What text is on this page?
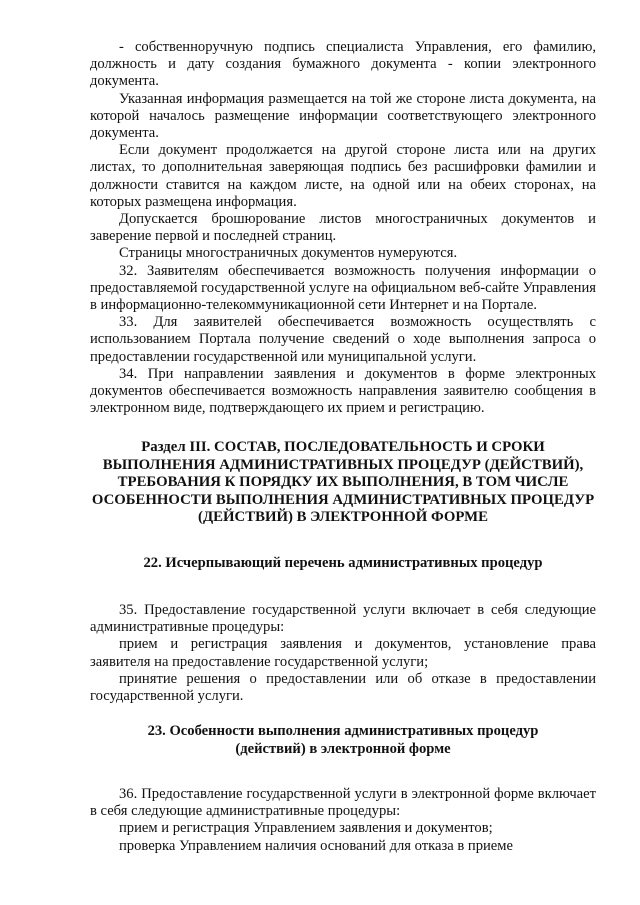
- собственноручную подпись специалиста Управления, его фамилию, должность и дату создания бумажного документа - копии электронного документа.

Указанная информация размещается на той же стороне листа документа, на которой началось размещение информации соответствующего электронного документа.

Если документ продолжается на другой стороне листа или на других листах, то дополнительная заверяющая подпись без расшифровки фамилии и должности ставится на каждом листе, на одной или на обеих сторонах, на которых размещена информация.

Допускается брошюрование листов многостраничных документов и заверение первой и последней страниц.

Страницы многостраничных документов нумеруются.

32. Заявителям обеспечивается возможность получения информации о предоставляемой государственной услуге на официальном веб-сайте Управления в информационно-телекоммуникационной сети Интернет и на Портале.

33. Для заявителей обеспечивается возможность осуществлять с использованием Портала получение сведений о ходе выполнения запроса о предоставлении государственной или муниципальной услуги.

34. При направлении заявления и документов в форме электронных документов обеспечивается возможность направления заявителю сообщения в электронном виде, подтверждающего их прием и регистрацию.

Раздел III. СОСТАВ, ПОСЛЕДОВАТЕЛЬНОСТЬ И СРОКИ ВЫПОЛНЕНИЯ АДМИНИСТРАТИВНЫХ ПРОЦЕДУР (ДЕЙСТВИЙ), ТРЕБОВАНИЯ К ПОРЯДКУ ИХ ВЫПОЛНЕНИЯ, В ТОМ ЧИСЛЕ ОСОБЕННОСТИ ВЫПОЛНЕНИЯ АДМИНИСТРАТИВНЫХ ПРОЦЕДУР (ДЕЙСТВИЙ) В ЭЛЕКТРОННОЙ ФОРМЕ

22. Исчерпывающий перечень административных процедур

35. Предоставление государственной услуги включает в себя следующие административные процедуры:

прием и регистрация заявления и документов, установление права заявителя на предоставление государственной услуги;

принятие решения о предоставлении или об отказе в предоставлении государственной услуги.

23. Особенности выполнения административных процедур

(действий) в электронной форме

36. Предоставление государственной услуги в электронной форме включает в себя следующие административные процедуры:

прием и регистрация Управлением заявления и документов;

проверка Управлением наличия оснований для отказа в приеме
